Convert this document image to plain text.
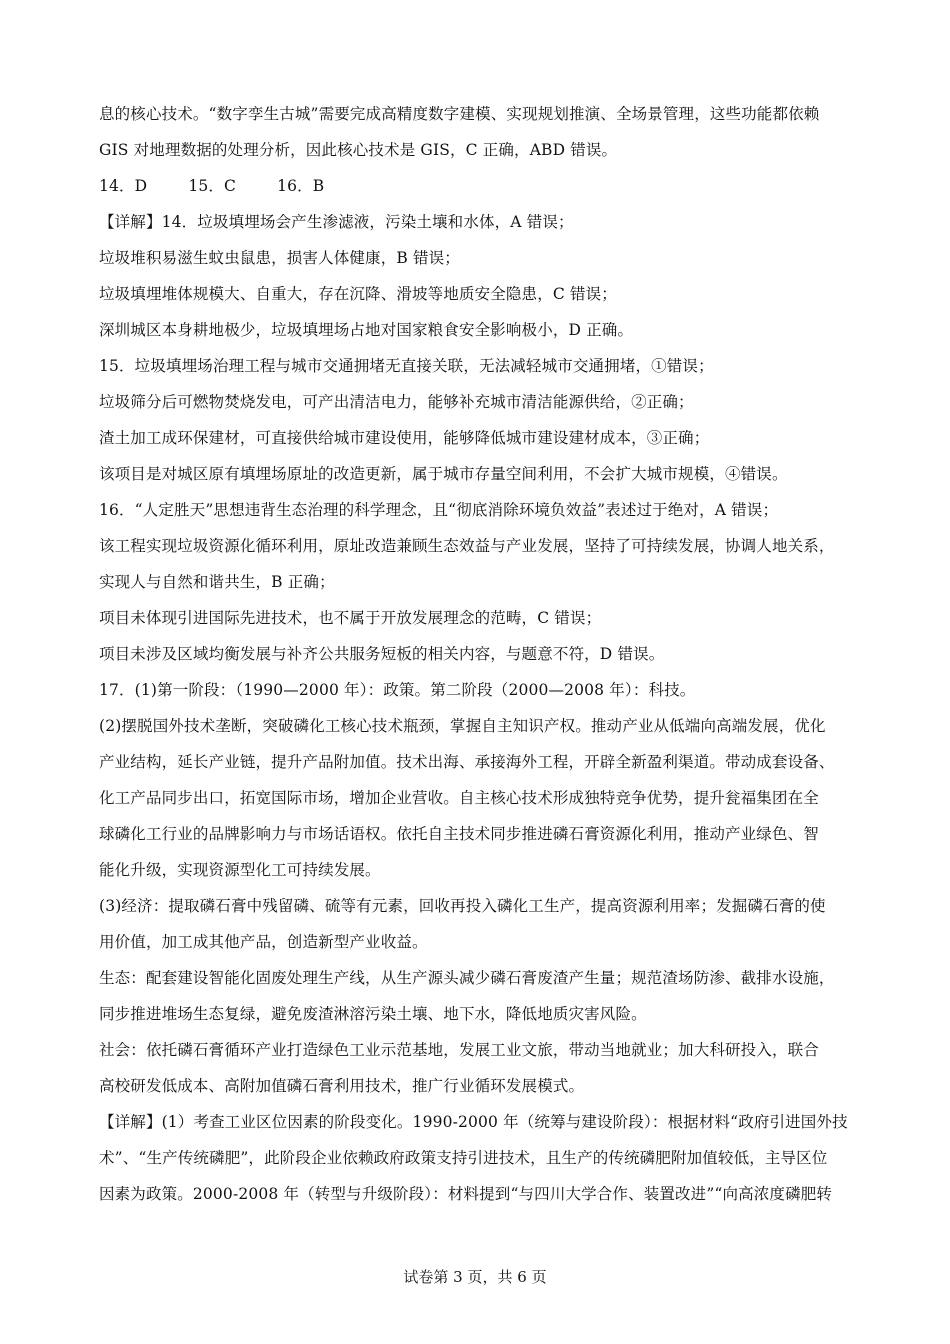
息的核心技术。“数字孪生古城”需要完成高精度数字建模、实现规划推演、全场景管理，这些功能都依赖
GIS 对地理数据的处理分析，因此核心技术是 GIS，C 正确，ABD 错误。
14．D	15．C	16．B
【详解】14．垃圾填埋场会产生渗滤液，污染土壤和水体，A 错误；
垃圾堆积易滋生蚊虫鼠患，损害人体健康，B 错误；
垃圾填埋堆体规模大、自重大，存在沉降、滑坡等地质安全隐患，C 错误；
深圳城区本身耕地极少，垃圾填埋场占地对国家粮食安全影响极小，D 正确。
15．垃圾填埋场治理工程与城市交通拥堵无直接关联，无法减轻城市交通拥堵，①错误；
垃圾筛分后可燃物焚烧发电，可产出清洁电力，能够补充城市清洁能源供给，②正确；
渣土加工成环保建材，可直接供给城市建设使用，能够降低城市建设建材成本，③正确；
该项目是对城区原有填埋场原址的改造更新，属于城市存量空间利用，不会扩大城市规模，④错误。
16．“人定胜天”思想违背生态治理的科学理念，且“彻底消除环境负效益”表述过于绝对，A 错误；
该工程实现垃圾资源化循环利用，原址改造兼顾生态效益与产业发展，坚持了可持续发展，协调人地关系，
实现人与自然和谐共生，B 正确；
项目未体现引进国际先进技术，也不属于开放发展理念的范畴，C 错误；
项目未涉及区域均衡发展与补齐公共服务短板的相关内容，与题意不符，D 错误。
17．(1)第一阶段：（1990—2000 年）：政策。第二阶段（2000—2008 年）：科技。
(2)摆脱国外技术垄断，突破磷化工核心技术瓶颈，掌握自主知识产权。推动产业从低端向高端发展，优化
产业结构，延长产业链，提升产品附加值。技术出海、承接海外工程，开辟全新盈利渠道。带动成套设备、
化工产品同步出口，拓宽国际市场，增加企业营收。自主核心技术形成独特竞争优势，提升瓮福集团在全
球磷化工行业的品牌影响力与市场话语权。依托自主技术同步推进磷石膏资源化利用，推动产业绿色、智
能化升级，实现资源型化工可持续发展。
(3)经济：提取磷石膏中残留磷、硫等有元素，回收再投入磷化工生产，提高资源利用率；发掘磷石膏的使
用价值，加工成其他产品，创造新型产业收益。
生态：配套建设智能化固废处理生产线，从生产源头减少磷石膏废渣产生量；规范渣场防渗、截排水设施，
同步推进堆场生态复绿，避免废渣淋溶污染土壤、地下水，降低地质灾害风险。
社会：依托磷石膏循环产业打造绿色工业示范基地，发展工业文旅，带动当地就业；加大科研投入，联合
高校研发低成本、高附加值磷石膏利用技术，推广行业循环发展模式。
【详解】(1）考查工业区位因素的阶段变化。1990-2000 年（统筹与建设阶段）：根据材料“政府引进国外技
术”、“生产传统磷肥”，此阶段企业依赖政府政策支持引进技术，且生产的传统磷肥附加值较低，主导区位
因素为政策。2000-2008 年（转型与升级阶段）：材料提到“与四川大学合作、装置改进”“向高浓度磷肥转
试卷第 3 页，共 6 页
